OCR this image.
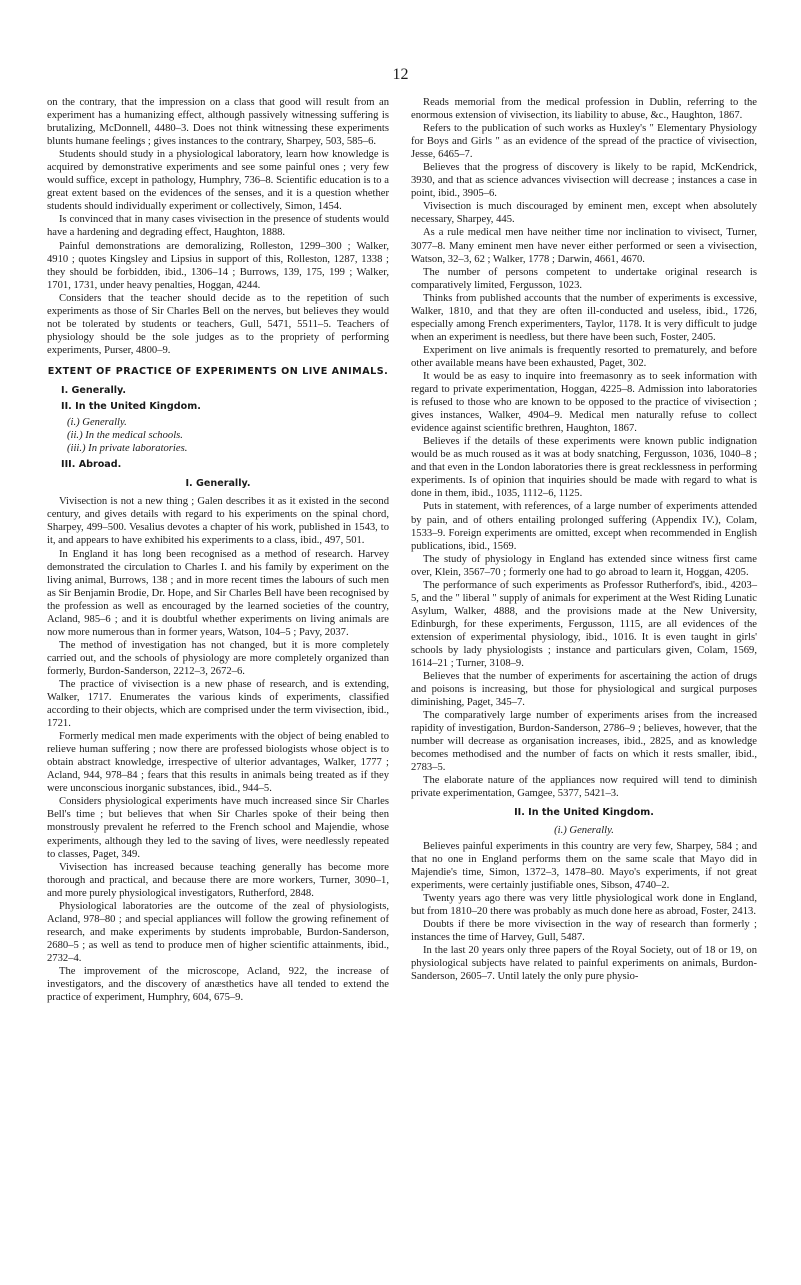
12

on the contrary, that the impression on a class that good will result from an experiment has a humanizing effect, although passively witnessing suffering is brutalizing, McDonnell, 4480–3. Does not think witnessing these experiments blunts humane feelings ; gives instances to the contrary, Sharpey, 503, 585–6.

Students should study in a physiological laboratory, learn how knowledge is acquired by demonstrative experiments and see some painful ones ; very few would suffice, except in pathology, Humphry, 736–8. Scientific education is to a great extent based on the evidences of the senses, and it is a question whether students should individually experiment or collectively, Simon, 1454.

Is convinced that in many cases vivisection in the presence of students would have a hardening and degrading effect, Haughton, 1888.

Painful demonstrations are demoralizing, Rolleston, 1299–300 ; Walker, 4910 ; quotes Kingsley and Lipsius in support of this, Rolleston, 1287, 1338 ; they should be forbidden, ibid., 1306–14 ; Burrows, 139, 175, 199 ; Walker, 1701, 1731, under heavy penalties, Hoggan, 4244.

Considers that the teacher should decide as to the repetition of such experiments as those of Sir Charles Bell on the nerves, but believes they would not be tolerated by students or teachers, Gull, 5471, 5511–5. Teachers of physiology should be the sole judges as to the propriety of performing experiments, Purser, 4800–9.

EXTENT OF PRACTICE OF EXPERIMENTS ON LIVE ANIMALS.
I. Generally.
II. In the United Kingdom.
(i.) Generally.
(ii.) In the medical schools.
(iii.) In private laboratories.
III. Abroad.
I. Generally.

Vivisection is not a new thing ; Galen describes it as it existed in the second century, and gives details with regard to his experiments on the spinal chord, Sharpey, 499–500. Vesalius devotes a chapter of his work, published in 1543, to it, and appears to have exhibited his experiments to a class, ibid., 497, 501.

In England it has long been recognised as a method of research. Harvey demonstrated the circulation to Charles I. and his family by experiment on the living animal, Burrows, 138 ; and in more recent times the labours of such men as Sir Benjamin Brodie, Dr. Hope, and Sir Charles Bell have been recognised by the profession as well as encouraged by the learned societies of the country, Acland, 985–6 ; and it is doubtful whether experiments on living animals are now more numerous than in former years, Watson, 104–5 ; Pavy, 2037.

The method of investigation has not changed, but it is more completely carried out, and the schools of physiology are more completely organized than formerly, Burdon-Sanderson, 2212–3, 2672–6.

The practice of vivisection is a new phase of research, and is extending, Walker, 1717. Enumerates the various kinds of experiments, classified according to their objects, which are comprised under the term vivisection, ibid., 1721.

Formerly medical men made experiments with the object of being enabled to relieve human suffering ; now there are professed biologists whose object is to obtain abstract knowledge, irrespective of ulterior advantages, Walker, 1777 ; Acland, 944, 978–84 ; fears that this results in animals being treated as if they were unconscious inorganic substances, ibid., 944–5.

Considers physiological experiments have much increased since Sir Charles Bell's time ; but believes that when Sir Charles spoke of their being then monstrously prevalent he referred to the French school and Majendie, whose experiments, although they led to the saving of lives, were needlessly repeated to classes, Paget, 349.

Vivisection has increased because teaching generally has become more thorough and practical, and because there are more workers, Turner, 3090–1, and more purely physiological investigators, Rutherford, 2848.

Physiological laboratories are the outcome of the zeal of physiologists, Acland, 978–80 ; and special appliances will follow the growing refinement of research, and make experiments by students improbable, Burdon-Sanderson, 2680–5 ; as well as tend to produce men of higher scientific attainments, ibid., 2732–4.

The improvement of the microscope, Acland, 922, the increase of investigators, and the discovery of anæsthetics have all tended to extend the practice of experiment, Humphry, 604, 675–9.

Reads memorial from the medical profession in Dublin, referring to the enormous extension of vivisection, its liability to abuse, &c., Haughton, 1867.

Refers to the publication of such works as Huxley's " Elementary Physiology for Boys and Girls " as an evidence of the spread of the practice of vivisection, Jesse, 6465–7.

Believes that the progress of discovery is likely to be rapid, McKendrick, 3930, and that as science advances vivisection will decrease ; instances a case in point, ibid., 3905–6.

Vivisection is much discouraged by eminent men, except when absolutely necessary, Sharpey, 445.

As a rule medical men have neither time nor inclination to vivisect, Turner, 3077–8. Many eminent men have never either performed or seen a vivisection, Watson, 32–3, 62 ; Walker, 1778 ; Darwin, 4661, 4670.

The number of persons competent to undertake original research is comparatively limited, Fergusson, 1023.

Thinks from published accounts that the number of experiments is excessive, Walker, 1810, and that they are often ill-conducted and useless, ibid., 1726, especially among French experimenters, Taylor, 1178. It is very difficult to judge when an experiment is needless, but there have been such, Foster, 2405.

Experiment on live animals is frequently resorted to prematurely, and before other available means have been exhausted, Paget, 302.

It would be as easy to inquire into freemasonry as to seek information with regard to private experimentation, Hoggan, 4225–8. Admission into laboratories is refused to those who are known to be opposed to the practice of vivisection ; gives instances, Walker, 4904–9. Medical men naturally refuse to collect evidence against scientific brethren, Haughton, 1867.

Believes if the details of these experiments were known public indignation would be as much roused as it was at body snatching, Fergusson, 1036, 1040–8 ; and that even in the London laboratories there is great recklessness in performing experiments. Is of opinion that inquiries should be made with regard to what is done in them, ibid., 1035, 1112–6, 1125.

Puts in statement, with references, of a large number of experiments attended by pain, and of others entailing prolonged suffering (Appendix IV.), Colam, 1533–9. Foreign experiments are omitted, except when recommended in English publications, ibid., 1569.

The study of physiology in England has extended since witness first came over, Klein, 3567–70 ; formerly one had to go abroad to learn it, Hoggan, 4205.

The performance of such experiments as Professor Rutherford's, ibid., 4203–5, and the " liberal " supply of animals for experiment at the West Riding Lunatic Asylum, Walker, 4888, and the provisions made at the New University, Edinburgh, for these experiments, Fergusson, 1115, are all evidences of the extension of experimental physiology, ibid., 1016. It is even taught in girls' schools by lady physiologists ; instance and particulars given, Colam, 1569, 1614–21 ; Turner, 3108–9.

Believes that the number of experiments for ascertaining the action of drugs and poisons is increasing, but those for physiological and surgical purposes diminishing, Paget, 345–7.

The comparatively large number of experiments arises from the increased rapidity of investigation, Burdon-Sanderson, 2786–9 ; believes, however, that the number will decrease as organisation increases, ibid., 2825, and as knowledge becomes methodised and the number of facts on which it rests smaller, ibid., 2783–5.

The elaborate nature of the appliances now required will tend to diminish private experimentation, Gamgee, 5377, 5421–3.

II. In the United Kingdom.
(i.) Generally.

Believes painful experiments in this country are very few, Sharpey, 584 ; and that no one in England performs them on the same scale that Mayo did in Majendie's time, Simon, 1372–3, 1478–80. Mayo's experiments, if not great experiments, were certainly justifiable ones, Sibson, 4740–2.

Twenty years ago there was very little physiological work done in England, but from 1810–20 there was probably as much done here as abroad, Foster, 2413.

Doubts if there be more vivisection in the way of research than formerly ; instances the time of Harvey, Gull, 5487.

In the last 20 years only three papers of the Royal Society, out of 18 or 19, on physiological subjects have related to painful experiments on animals, Burdon-Sanderson, 2605–7. Until lately the only pure physio-
